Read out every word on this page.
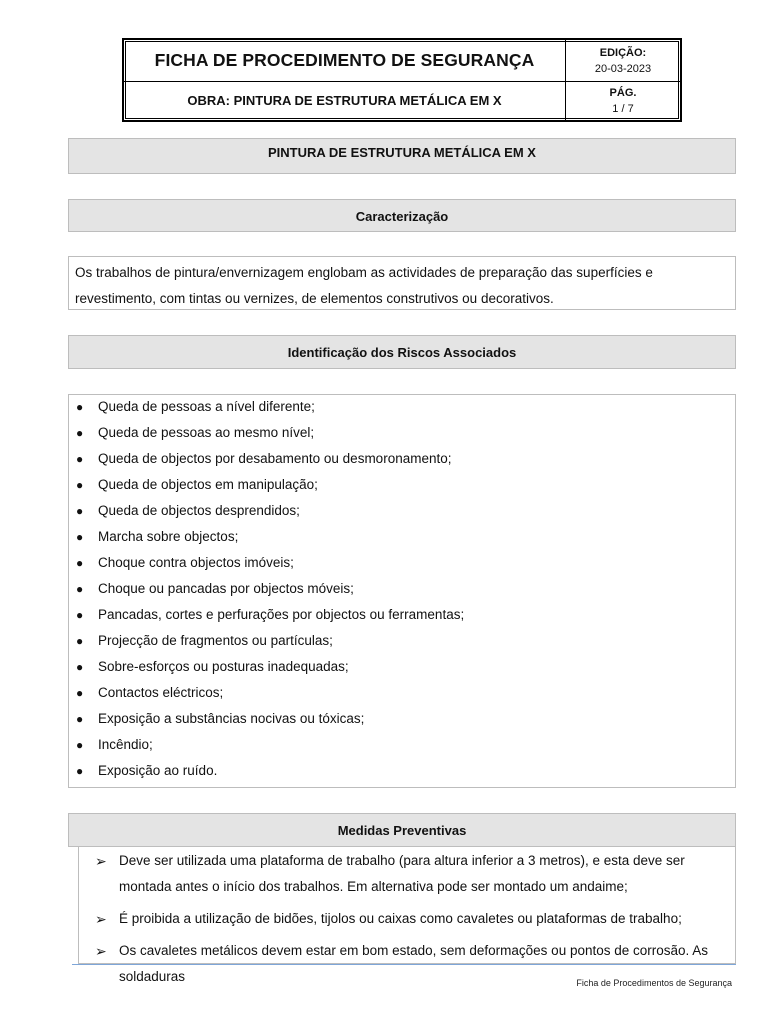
FICHA DE PROCEDIMENTO DE SEGURANÇA
OBRA: PINTURA DE ESTRUTURA METÁLICA EM X
EDIÇÃO:
20-03-2023
PÁG.
1 / 7
PINTURA DE ESTRUTURA METÁLICA EM X
Caracterização
Os trabalhos de pintura/envernizagem englobam as actividades de preparação das superfícies e revestimento, com tintas ou vernizes, de elementos construtivos ou decorativos.
Identificação dos Riscos Associados
● Queda de pessoas a nível diferente;
● Queda de pessoas ao mesmo nível;
● Queda de objectos por desabamento ou desmoronamento;
● Queda de objectos em manipulação;
● Queda de objectos desprendidos;
● Marcha sobre objectos;
● Choque contra objectos imóveis;
● Choque ou pancadas por objectos móveis;
● Pancadas, cortes e perfurações por objectos ou ferramentas;
● Projecção de fragmentos ou partículas;
● Sobre-esforços ou posturas inadequadas;
● Contactos eléctricos;
● Exposição a substâncias nocivas ou tóxicas;
● Incêndio;
● Exposição ao ruído.
Medidas Preventivas
➢ Deve ser utilizada uma plataforma de trabalho (para altura inferior a 3 metros), e esta deve ser montada antes o início dos trabalhos. Em alternativa pode ser montado um andaime;
➢ É proibida a utilização de bidões, tijolos ou caixas como cavaletes ou plataformas de trabalho;
➢ Os cavaletes metálicos devem estar em bom estado, sem deformações ou pontos de corrosão. As soldaduras	Ficha de Procedimentos de Segurança
